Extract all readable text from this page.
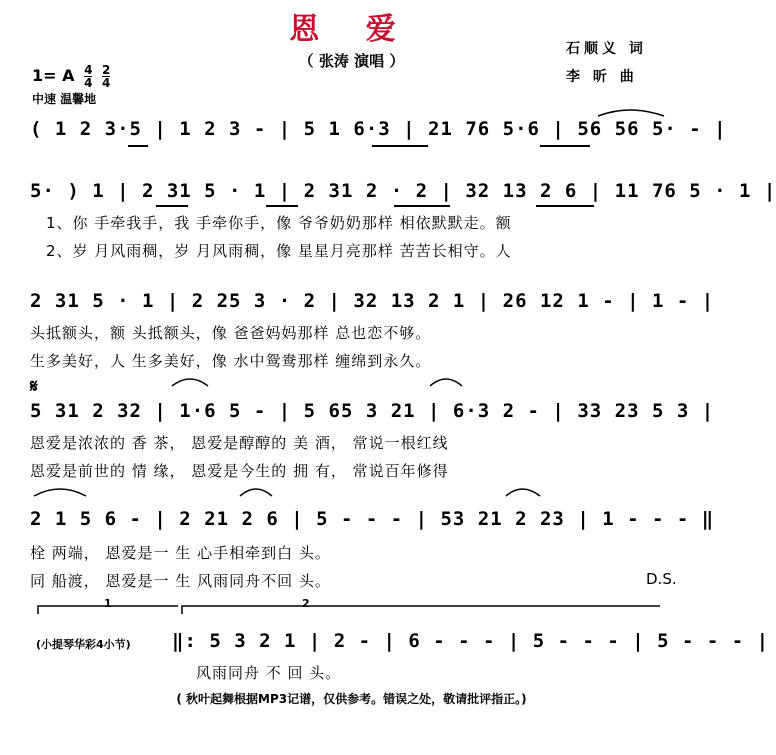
恩 爱
（ 张涛 演唱 ）
石顺义 词
李 昕 曲
1= A $\frac{4}{4}$
$\frac{2}{4}$
中速 温馨地
( 1 2 3·5 | 1 2 3 - | 5 1 6·3 | 21 76 5·6 | 56 56 5· - |
5· ) 1 | 2 31 5 · 1 | 2 31 2 · 2 | 32 13 2 6 | 11 76 5 · 1 |
1、你 手牵我手，我 手牵你手，像 爷爷奶奶那样 相依默默走。额
2、岁 月风雨稠，岁 月风雨稠，像 星星月亮那样 苦苦长相守。人
2 31 5 · 1 | 2 25 3 · 2 | 32 13 2 1 | 26 12 1 - | 1 - |
头抵额头，额 头抵额头，像 爸爸妈妈那样 总也恋不够。
生多美好，人 生多美好，像 水中鸳鸯那样 缠绵到永久。
𝄋
5 31 2 32 | 1·6 5 - | 5 65 3 21 | 6·3 2 - | 33 23 5 3 |
恩爱是浓浓的 香 茶， 恩爱是醇醇的 美 酒， 常说一根红线
恩爱是前世的 情 缘， 恩爱是今生的 拥 有， 常说百年修得
2 1 5 6 - | 2 21 2 6 | 5 - - - | 53 21 2 23 | 1 - - - ‖
栓 两端， 恩爱是一 生 心手相牵到白 头。
同 船渡， 恩爱是一 生 风雨同舟不回 头。	D.S.
1	2
(小提琴华彩4小节) ‖: 5 3 2 1 | 2 - | 6 - - - | 5 - - - | 5 - - - |
风雨同舟 不 回 头。
( 秋叶起舞根据MP3记谱，仅供参考。错误之处，敬请批评指正。)
